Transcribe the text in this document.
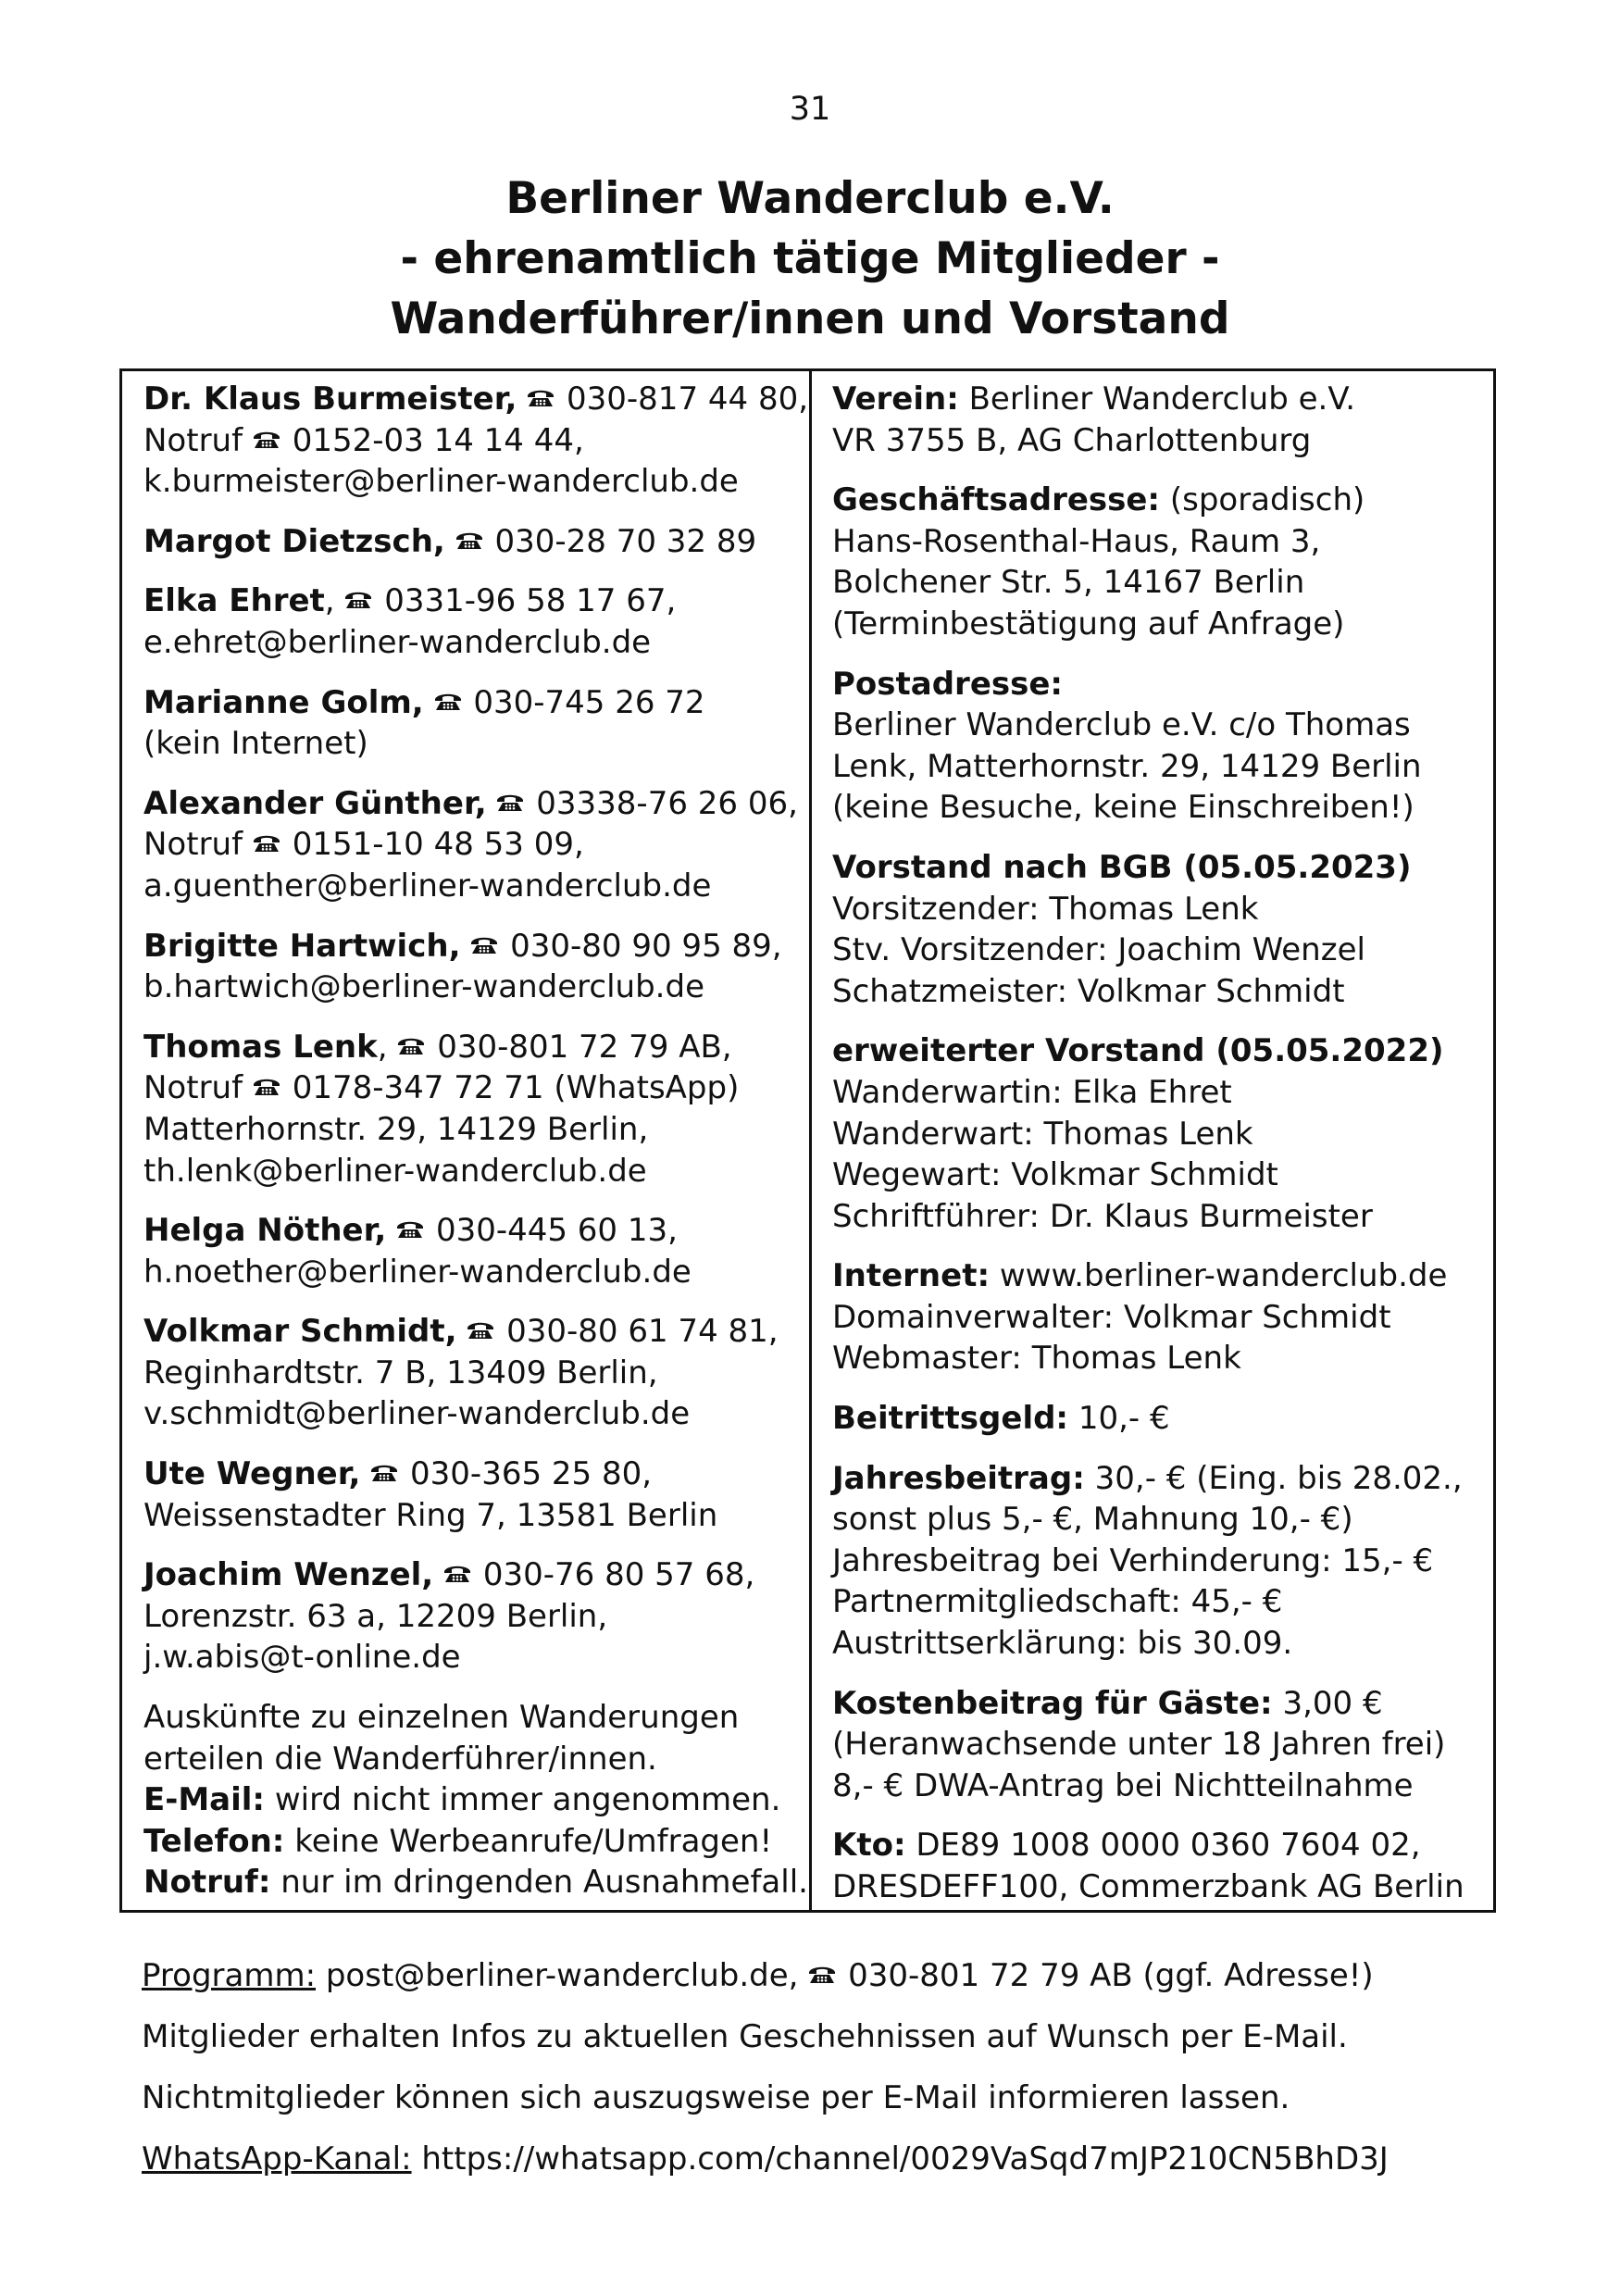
31
Berliner Wanderclub e.V.
- ehrenamtlich tätige Mitglieder -
Wanderführer/innen und Vorstand
Dr. Klaus Burmeister, 030-817 44 80,
Notruf 0152-03 14 14 44,
k.burmeister@berliner-wanderclub.de
Margot Dietzsch, 030-28 70 32 89
Elka Ehret, 0331-96 58 17 67,
e.ehret@berliner-wanderclub.de
Marianne Golm, 030-745 26 72
(kein Internet)
Alexander Günther, 03338-76 26 06,
Notruf 0151-10 48 53 09,
a.guenther@berliner-wanderclub.de
Brigitte Hartwich, 030-80 90 95 89,
b.hartwich@berliner-wanderclub.de
Thomas Lenk, 030-801 72 79 AB,
Notruf 0178-347 72 71 (WhatsApp)
Matterhornstr. 29, 14129 Berlin,
th.lenk@berliner-wanderclub.de
Helga Nöther, 030-445 60 13,
h.noether@berliner-wanderclub.de
Volkmar Schmidt, 030-80 61 74 81,
Reginhardtstr. 7 B, 13409 Berlin,
v.schmidt@berliner-wanderclub.de
Ute Wegner, 030-365 25 80,
Weissenstadter Ring 7, 13581 Berlin
Joachim Wenzel, 030-76 80 57 68,
Lorenzstr. 63 a, 12209 Berlin,
j.w.abis@t-online.de
Auskünfte zu einzelnen Wanderungen
erteilen die Wanderführer/innen.
E-Mail: wird nicht immer angenommen.
Telefon: keine Werbeanrufe/Umfragen!
Notruf: nur im dringenden Ausnahmefall.
Verein: Berliner Wanderclub e.V.
VR 3755 B, AG Charlottenburg
Geschäftsadresse: (sporadisch)
Hans-Rosenthal-Haus, Raum 3,
Bolchener Str. 5, 14167 Berlin
(Terminbestätigung auf Anfrage)
Postadresse:
Berliner Wanderclub e.V. c/o Thomas
Lenk, Matterhornstr. 29, 14129 Berlin
(keine Besuche, keine Einschreiben!)
Vorstand nach BGB (05.05.2023)
Vorsitzender: Thomas Lenk
Stv. Vorsitzender: Joachim Wenzel
Schatzmeister: Volkmar Schmidt
erweiterter Vorstand (05.05.2022)
Wanderwartin: Elka Ehret
Wanderwart: Thomas Lenk
Wegewart: Volkmar Schmidt
Schriftführer: Dr. Klaus Burmeister
Internet: www.berliner-wanderclub.de
Domainverwalter: Volkmar Schmidt
Webmaster: Thomas Lenk
Beitrittsgeld: 10,- €
Jahresbeitrag: 30,- € (Eing. bis 28.02.,
sonst plus 5,- €, Mahnung 10,- €)
Jahresbeitrag bei Verhinderung: 15,- €
Partnermitgliedschaft: 45,- €
Austrittserklärung: bis 30.09.
Kostenbeitrag für Gäste: 3,00 €
(Heranwachsende unter 18 Jahren frei)
8,- € DWA-Antrag bei Nichtteilnahme
Kto: DE89 1008 0000 0360 7604 02,
DRESDEFF100, Commerzbank AG Berlin
Programm: post@berliner-wanderclub.de, 030-801 72 79 AB (ggf. Adresse!)
Mitglieder erhalten Infos zu aktuellen Geschehnissen auf Wunsch per E-Mail.
Nichtmitglieder können sich auszugsweise per E-Mail informieren lassen.
WhatsApp-Kanal: https://whatsapp.com/channel/0029VaSqd7mJP210CN5BhD3J
